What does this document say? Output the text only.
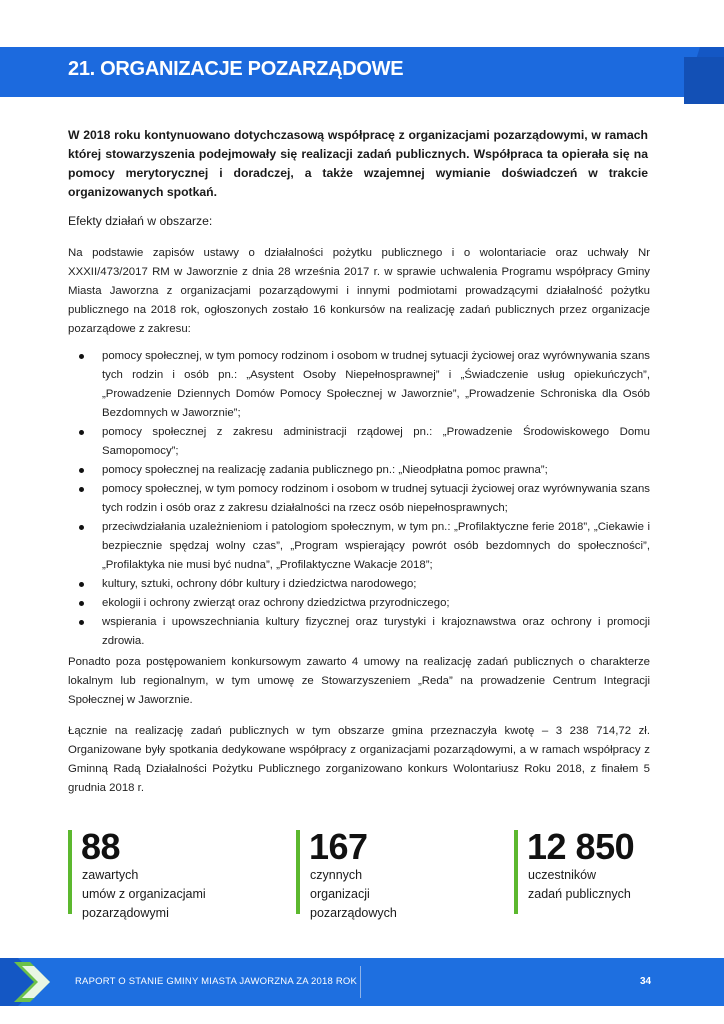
21. ORGANIZACJE POZARZĄDOWE
W 2018 roku kontynuowano dotychczasową współpracę z organizacjami pozarządowymi, w ramach której stowarzyszenia podejmowały się realizacji zadań publicznych. Współpraca ta opierała się na pomocy merytorycznej i doradczej, a także wzajemnej wymianie doświadczeń w trakcie organizowanych spotkań.
Efekty działań w obszarze:

Na podstawie zapisów ustawy o działalności pożytku publicznego i o wolontariacie oraz uchwały Nr XXXII/473/2017 RM w Jaworznie z dnia 28 września 2017 r. w sprawie uchwalenia Programu współpracy Gminy Miasta Jaworzna z organizacjami pozarządowymi i innymi podmiotami prowadzącymi działalność pożytku publicznego na 2018 rok, ogłoszonych zostało 16 konkursów na realizację zadań publicznych przez organizacje pozarządowe z zakresu:

pomocy społecznej, w tym pomocy rodzinom i osobom w trudnej sytuacji życiowej oraz wyrównywania szans tych rodzin i osób pn.: „Asystent Osoby Niepełnosprawnej” i „Świadczenie usług opiekuńczych”, „Prowadzenie Dziennych Domów Pomocy Społecznej w Jaworznie”, „Prowadzenie Schroniska dla Osób Bezdomnych w Jaworznie”;
pomocy społecznej z zakresu administracji rządowej pn.: „Prowadzenie Środowiskowego Domu Samopomocy”;
pomocy społecznej na realizację zadania publicznego pn.: „Nieodpłatna pomoc prawna”;
pomocy społecznej, w tym pomocy rodzinom i osobom w trudnej sytuacji życiowej oraz wyrównywania szans tych rodzin i osób oraz z zakresu działalności na rzecz osób niepełnosprawnych;
przeciwdziałania uzależnieniom i patologiom społecznym, w tym pn.: „Profilaktyczne ferie 2018”, „Ciekawie i bezpiecznie spędzaj wolny czas”, „Program wspierający powrót osób bezdomnych do społeczności”, „Profilaktyka nie musi być nudna”, „Profilaktyczne Wakacje 2018”;
kultury, sztuki, ochrony dóbr kultury i dziedzictwa narodowego;
ekologii i ochrony zwierząt oraz ochrony dziedzictwa przyrodniczego;
wspierania i upowszechniania kultury fizycznej oraz turystyki i krajoznawstwa oraz ochrony i promocji zdrowia.

Ponadto poza postępowaniem konkursowym zawarto 4 umowy na realizację zadań publicznych o charakterze lokalnym lub regionalnym, w tym umowę ze Stowarzyszeniem „Reda” na prowadzenie Centrum Integracji Społecznej w Jaworznie.

Łącznie na realizację zadań publicznych w tym obszarze gmina przeznaczyła kwotę – 3 238 714,72 zł. Organizowane były spotkania dedykowane współpracy z organizacjami pozarządowymi, a w ramach współpracy z Gminną Radą Działalności Pożytku Publicznego zorganizowano konkurs Wolontariusz Roku 2018, z finałem 5 grudnia 2018 r.

88
zawartych
umów z organizacjami
pozarządowymi
167
czynnych
organizacji
pozarządowych
12 850
uczestników
zadań publicznych
RAPORT O STANIE GMINY MIASTA JAWORZNA ZA 2018 ROK	34
